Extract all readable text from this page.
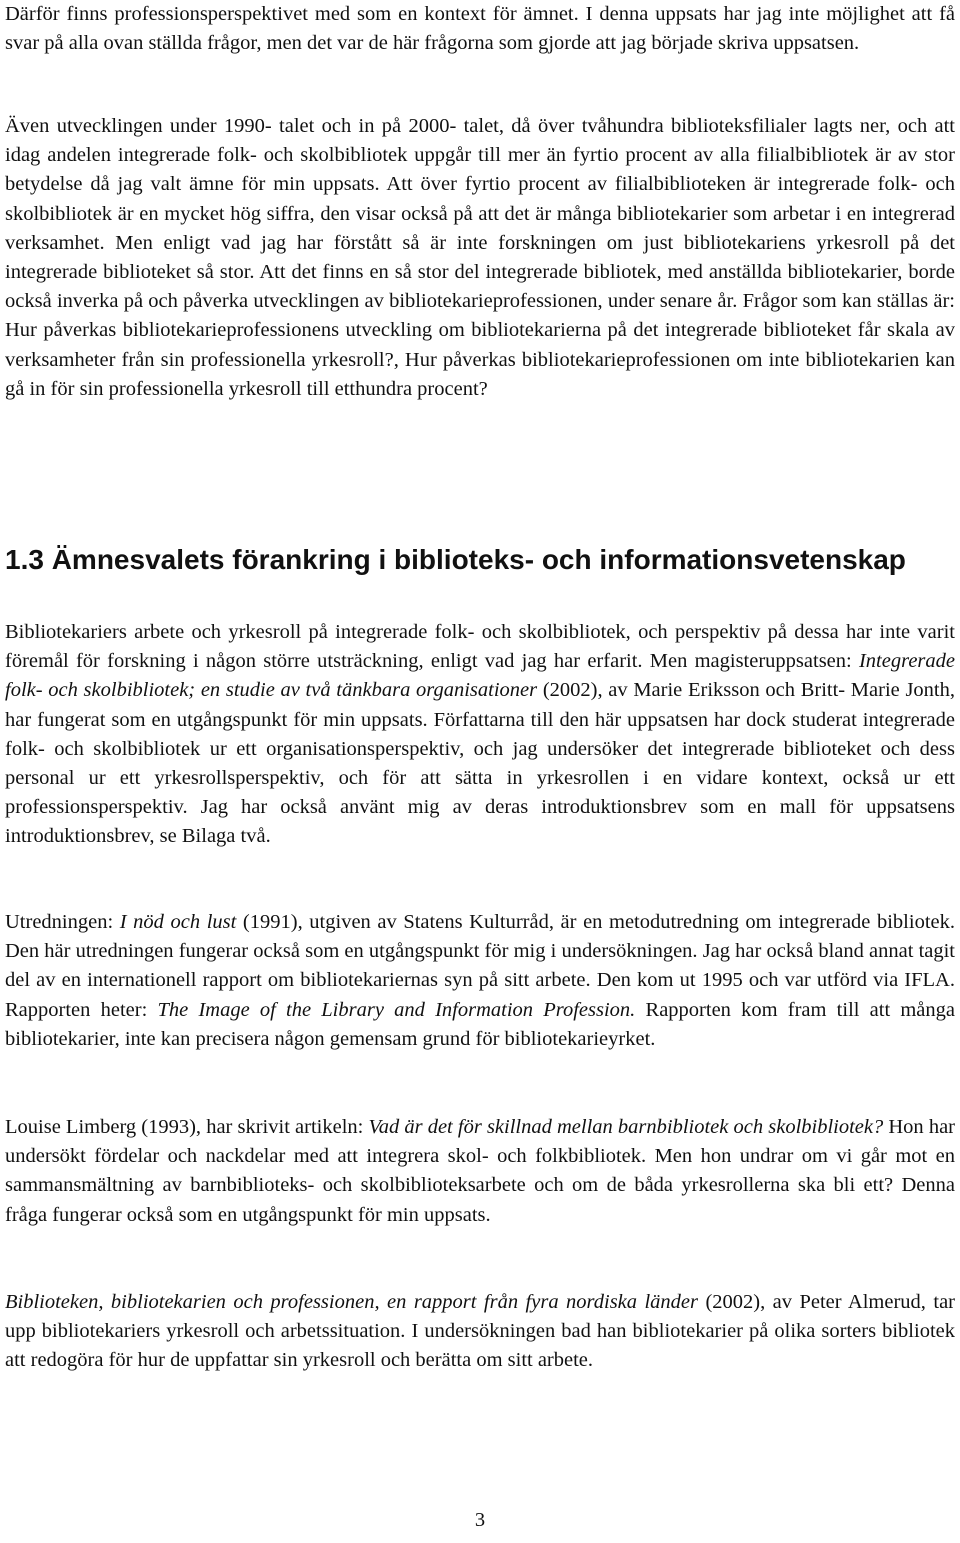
Därför finns professionsperspektivet med som en kontext för ämnet. I denna uppsats har jag inte möjlighet att få svar på alla ovan ställda frågor, men det var de här frågorna som gjorde att jag började skriva uppsatsen.

Även utvecklingen under 1990- talet och in på 2000- talet, då över tvåhundra biblioteksfilialer lagts ner, och att idag andelen integrerade folk- och skolbibliotek uppgår till mer än fyrtio procent av alla filialbibliotek är av stor betydelse då jag valt ämne för min uppsats. Att över fyrtio procent av filialbiblioteken är integrerade folk- och skolbibliotek är en mycket hög siffra, den visar också på att det är många bibliotekarier som arbetar i en integrerad verksamhet. Men enligt vad jag har förstått så är inte forskningen om just bibliotekariens yrkesroll på det integrerade biblioteket så stor. Att det finns en så stor del integrerade bibliotek, med anställda bibliotekarier, borde också inverka på och påverka utvecklingen av bibliotekarieprofessionen, under senare år. Frågor som kan ställas är: Hur påverkas bibliotekarieprofessionens utveckling om bibliotekarierna på det integrerade biblioteket får skala av verksamheter från sin professionella yrkesroll?, Hur påverkas bibliotekarieprofessionen om inte bibliotekarien kan gå in för sin professionella yrkesroll till etthundra procent?

1.3 Ämnesvalets förankring i biblioteks- och informationsvetenskap

Bibliotekariers arbete och yrkesroll på integrerade folk- och skolbibliotek, och perspektiv på dessa har inte varit föremål för forskning i någon större utsträckning, enligt vad jag har erfarit. Men magisteruppsatsen: Integrerade folk- och skolbibliotek; en studie av två tänkbara organisationer (2002), av Marie Eriksson och Britt- Marie Jonth, har fungerat som en utgångspunkt för min uppsats. Författarna till den här uppsatsen har dock studerat integrerade folk- och skolbibliotek ur ett organisationsperspektiv, och jag undersöker det integrerade biblioteket och dess personal ur ett yrkesrollsperspektiv, och för att sätta in yrkesrollen i en vidare kontext, också ur ett professionsperspektiv. Jag har också använt mig av deras introduktionsbrev som en mall för uppsatsens introduktionsbrev, se Bilaga två.

Utredningen: I nöd och lust (1991), utgiven av Statens Kulturråd, är en metodutredning om integrerade bibliotek. Den här utredningen fungerar också som en utgångspunkt för mig i undersökningen. Jag har också bland annat tagit del av en internationell rapport om bibliotekariernas syn på sitt arbete. Den kom ut 1995 och var utförd via IFLA. Rapporten heter: The Image of the Library and Information Profession. Rapporten kom fram till att många bibliotekarier, inte kan precisera någon gemensam grund för bibliotekarieyrket.

Louise Limberg (1993), har skrivit artikeln: Vad är det för skillnad mellan barnbibliotek och skolbibliotek? Hon har undersökt fördelar och nackdelar med att integrera skol- och folkbibliotek. Men hon undrar om vi går mot en sammansmältning av barnbiblioteks- och skolbiblioteksarbete och om de båda yrkesrollerna ska bli ett? Denna fråga fungerar också som en utgångspunkt för min uppsats.

Biblioteken, bibliotekarien och professionen, en rapport från fyra nordiska länder (2002), av Peter Almerud, tar upp bibliotekariers yrkesroll och arbetssituation. I undersökningen bad han bibliotekarier på olika sorters bibliotek att redogöra för hur de uppfattar sin yrkesroll och berätta om sitt arbete.

3
